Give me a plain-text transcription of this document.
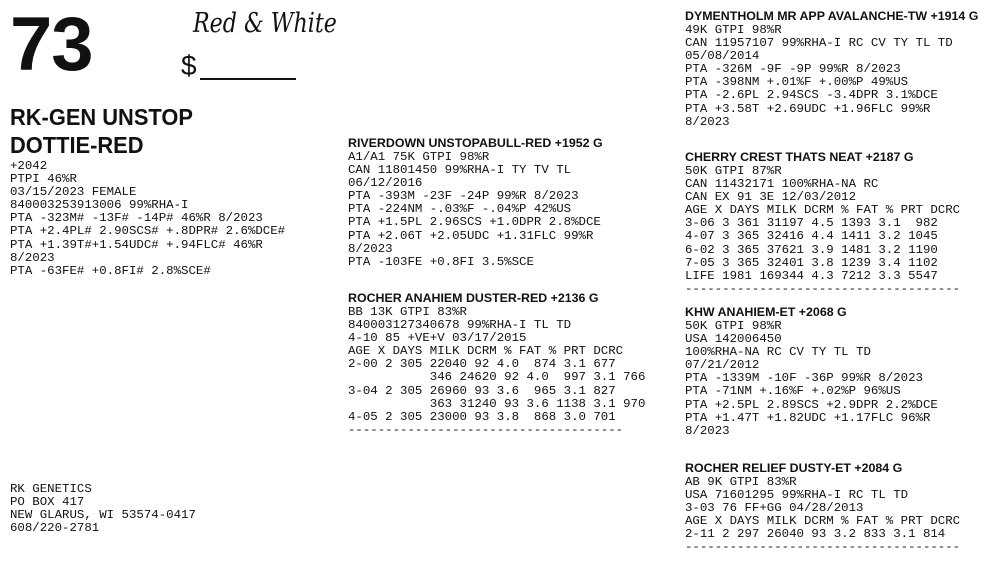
73	Red & White
$
RK-GEN UNSTOP
DOTTIE-RED
+2042
PTPI 46%R
03/15/2023 FEMALE
840003253913006 99%RHA-I
PTA -323M# -13F# -14P# 46%R 8/2023
PTA +2.4PL# 2.90SCS# +.8DPR# 2.6%DCE#
PTA +1.39T#+1.54UDC# +.94FLC# 46%R
8/2023
PTA -63FE# +0.8FI# 2.8%SCE#
RK GENETICS
PO BOX 417
NEW GLARUS, WI 53574-0417
608/220-2781
RIVERDOWN UNSTOPABULL-RED +1952 G
A1/A1 75K GTPI 98%R
CAN 11801450 99%RHA-I TY TV TL
06/12/2016
PTA -393M -23F -24P 99%R 8/2023
PTA -224NM -.03%F -.04%P 42%US
PTA +1.5PL 2.96SCS +1.0DPR 2.8%DCE
PTA +2.06T +2.05UDC +1.31FLC 99%R
8/2023
PTA -103FE +0.8FI 3.5%SCE
ROCHER ANAHIEM DUSTER-RED +2136 G
BB 13K GTPI 83%R
840003127340678 99%RHA-I TL TD
4-10 85 +VE+V 03/17/2015
AGE X DAYS MILK DCRM % FAT % PRT DCRC
2-00 2 305 22040 92 4.0  874 3.1 677
346 24620 92 4.0  997 3.1 766
3-04 2 305 26960 93 3.6  965 3.1 827
363 31240 93 3.6 1138 3.1 970
4-05 2 305 23000 93 3.8  868 3.0 701
-------------------------------------
DYMENTHOLM MR APP AVALANCHE-TW +1914 G
49K GTPI 98%R
CAN 11957107 99%RHA-I RC CV TY TL TD
05/08/2014
PTA -326M -9F -9P 99%R 8/2023
PTA -398NM +.01%F +.00%P 49%US
PTA -2.6PL 2.94SCS -3.4DPR 3.1%DCE
PTA +3.58T +2.69UDC +1.96FLC 99%R
8/2023
CHERRY CREST THATS NEAT +2187 G
50K GTPI 87%R
CAN 11432171 100%RHA-NA RC
CAN EX 91 3E 12/03/2012
AGE X DAYS MILK DCRM % FAT % PRT DCRC
3-06 3 361 31197 4.5 1393 3.1  982
4-07 3 365 32416 4.4 1411 3.2 1045
6-02 3 365 37621 3.9 1481 3.2 1190
7-05 3 365 32401 3.8 1239 3.4 1102
LIFE 1981 169344 4.3 7212 3.3 5547
-------------------------------------
KHW ANAHIEM-ET +2068 G
50K GTPI 98%R
USA 142006450
100%RHA-NA RC CV TY TL TD
07/21/2012
PTA -1339M -10F -36P 99%R 8/2023
PTA -71NM +.16%F +.02%P 96%US
PTA +2.5PL 2.89SCS +2.9DPR 2.2%DCE
PTA +1.47T +1.82UDC +1.17FLC 96%R
8/2023
ROCHER RELIEF DUSTY-ET +2084 G
AB 9K GTPI 83%R
USA 71601295 99%RHA-I RC TL TD
3-03 76 FF+GG 04/28/2013
AGE X DAYS MILK DCRM % FAT % PRT DCRC
2-11 2 297 26040 93 3.2 833 3.1 814
-------------------------------------
